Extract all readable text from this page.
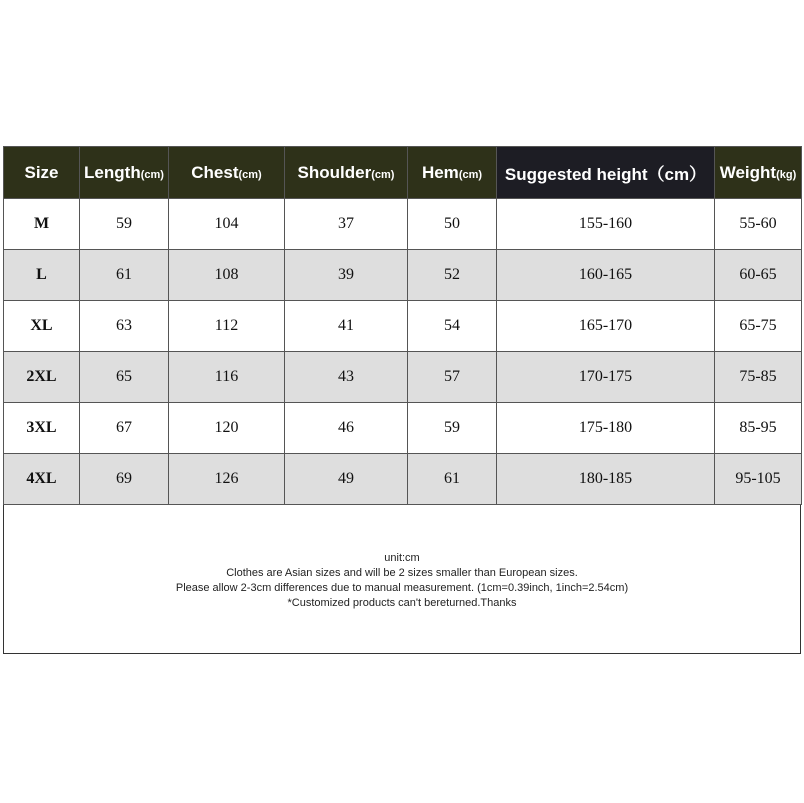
Size	Length(cm)	Chest(cm)	Shoulder(cm)	Hem(cm)	Suggested height（cm）	Weight(kg)
M	59	104	37	50	155-160	55-60
L	61	108	39	52	160-165	60-65
XL	63	112	41	54	165-170	65-75
2XL	65	116	43	57	170-175	75-85
3XL	67	120	46	59	175-180	85-95
4XL	69	126	49	61	180-185	95-105
unit:cm
Clothes are Asian sizes and will be 2 sizes smaller than European sizes.
Please allow 2-3cm differences due to manual measurement. (1cm=0.39inch, 1inch=2.54cm)
*Customized products can't bereturned.Thanks
